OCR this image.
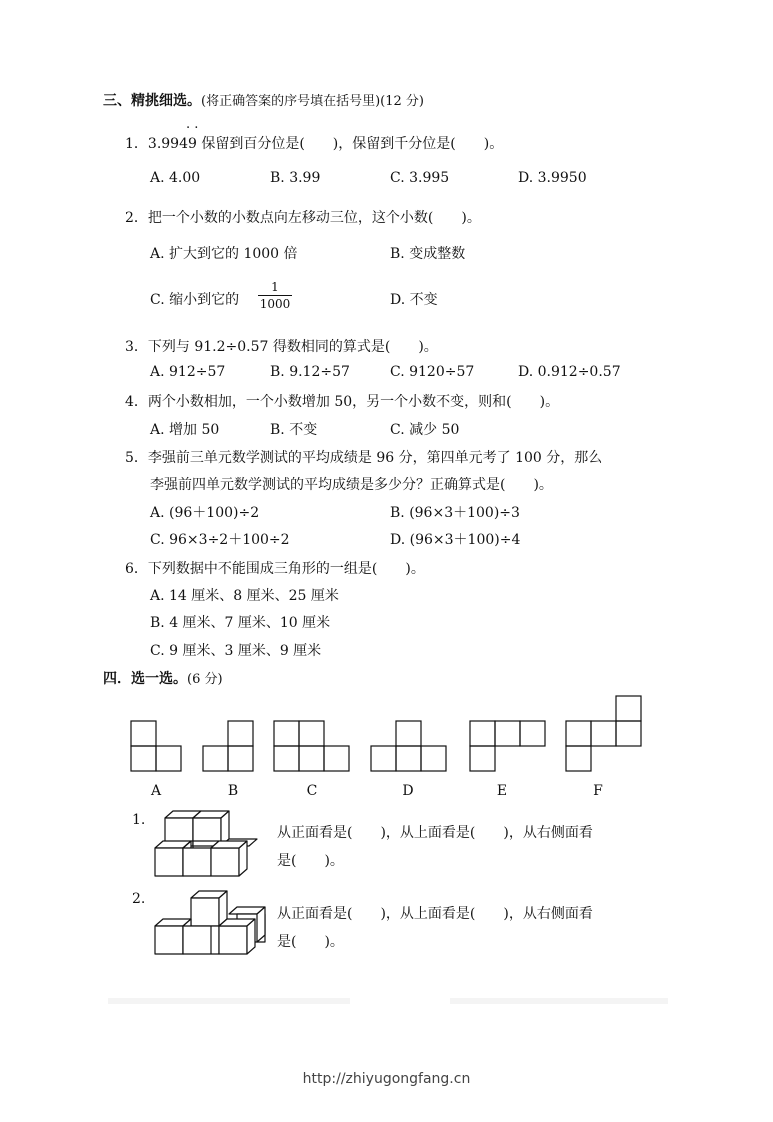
三、精挑细选。(将正确答案的序号填在括号里)(12 分)
. .
1．3.9949 保留到百分位是(　　)，保留到千分位是(　　)。
A. 4.00	B. 3.99	C. 3.995	D. 3.9950
2．把一个小数的小数点向左移动三位，这个小数(　　)。
A. 扩大到它的 1000 倍	B. 变成整数
C. 缩小到它的
1
1000	D. 不变
3．下列与 91.2÷0.57 得数相同的算式是(　　)。
A. 912÷57	B. 9.12÷57	C. 9120÷57	D. 0.912÷0.57
4．两个小数相加，一个小数增加 50，另一个小数不变，则和(　　)。
A. 增加 50	B. 不变	C. 减少 50
5．李强前三单元数学测试的平均成绩是 96 分，第四单元考了 100 分，那么
李强前四单元数学测试的平均成绩是多少分？正确算式是(　　)。
A. (96＋100)÷2	B. (96×3＋100)÷3
C. 96×3÷2＋100÷2	D. (96×3＋100)÷4
6．下列数据中不能围成三角形的一组是(　　)。
A. 14 厘米、8 厘米、25 厘米
B. 4 厘米、7 厘米、10 厘米
C. 9 厘米、3 厘米、9 厘米
四．选一选。(6 分)
A	B	C	D	E	F
1.
从正面看是(　　)，从上面看是(　　)，从右侧面看
是(　　)。
2.
从正面看是(　　)，从上面看是(　　)，从右侧面看
是(　　)。
http://zhiyugongfang.cn
